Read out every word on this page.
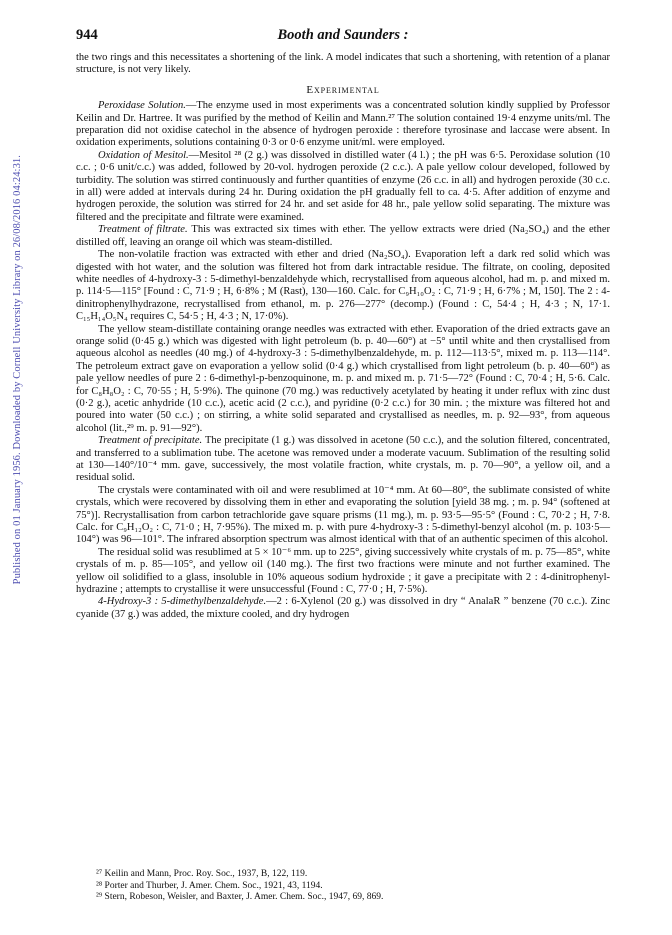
Published on 01 January 1956. Downloaded by Cornell University Library on 26/08/2016 04:24:31.
944	Booth and Saunders :

the two rings and this necessitates a shortening of the link. A model indicates that such a shortening, with retention of a planar structure, is not very likely.

Experimental

Peroxidase Solution.—The enzyme used in most experiments was a concentrated solution kindly supplied by Professor Keilin and Dr. Hartree. It was purified by the method of Keilin and Mann.²⁷ The solution contained 19·4 enzyme units/ml. The preparation did not oxidise catechol in the absence of hydrogen peroxide : therefore tyrosinase and laccase were absent. In oxidation experiments, solutions containing 0·3 or 0·6 enzyme unit/ml. were employed.

Oxidation of Mesitol.—Mesitol ²⁸ (2 g.) was dissolved in distilled water (4 l.) ; the pH was 6·5. Peroxidase solution (10 c.c. ; 0·6 unit/c.c.) was added, followed by 20-vol. hydrogen peroxide (2 c.c.). A pale yellow colour developed, followed by turbidity. The solution was stirred continuously and further quantities of enzyme (26 c.c. in all) and hydrogen peroxide (30 c.c. in all) were added at intervals during 24 hr. During oxidation the pH gradually fell to ca. 4·5. After addition of enzyme and hydrogen peroxide, the solution was stirred for 24 hr. and set aside for 48 hr., pale yellow solid separating. The mixture was filtered and the precipitate and filtrate were examined.

Treatment of filtrate. This was extracted six times with ether. The yellow extracts were dried (Na₂SO₄) and the ether distilled off, leaving an orange oil which was steam-distilled.

The non-volatile fraction was extracted with ether and dried (Na₂SO₄). Evaporation left a dark red solid which was digested with hot water, and the solution was filtered hot from dark intractable residue. The filtrate, on cooling, deposited white needles of 4-hydroxy-3 : 5-dimethyl-benzaldehyde which, recrystallised from aqueous alcohol, had m. p. and mixed m. p. 114·5—115° [Found : C, 71·9 ; H, 6·8% ; M (Rast), 130—160. Calc. for C₉H₁₀O₂ : C, 71·9 ; H, 6·7% ; M, 150]. The 2 : 4-dinitrophenylhydrazone, recrystallised from ethanol, m. p. 276—277° (decomp.) (Found : C, 54·4 ; H, 4·3 ; N, 17·1. C₁₅H₁₄O₅N₄ requires C, 54·5 ; H, 4·3 ; N, 17·0%).

The yellow steam-distillate containing orange needles was extracted with ether. Evaporation of the dried extracts gave an orange solid (0·45 g.) which was digested with light petroleum (b. p. 40—60°) at −5° until white and then crystallised from aqueous alcohol as needles (40 mg.) of 4-hydroxy-3 : 5-dimethylbenzaldehyde, m. p. 112—113·5°, mixed m. p. 113—114°. The petroleum extract gave on evaporation a yellow solid (0·4 g.) which crystallised from light petroleum (b. p. 40—60°) as pale yellow needles of pure 2 : 6-dimethyl-p-benzoquinone, m. p. and mixed m. p. 71·5—72° (Found : C, 70·4 ; H, 5·6. Calc. for C₈H₈O₂ : C, 70·55 ; H, 5·9%). The quinone (70 mg.) was reductively acetylated by heating it under reflux with zinc dust (0·2 g.), acetic anhydride (10 c.c.), acetic acid (2 c.c.), and pyridine (0·2 c.c.) for 30 min. ; the mixture was filtered hot and poured into water (50 c.c.) ; on stirring, a white solid separated and crystallised as needles, m. p. 92—93°, from aqueous alcohol (lit.,²⁹ m. p. 91—92°).

Treatment of precipitate. The precipitate (1 g.) was dissolved in acetone (50 c.c.), and the solution filtered, concentrated, and transferred to a sublimation tube. The acetone was removed under a moderate vacuum. Sublimation of the resulting solid at 130—140°/10⁻⁴ mm. gave, successively, the most volatile fraction, white crystals, m. p. 70—90°, a yellow oil, and a residual solid.

The crystals were contaminated with oil and were resublimed at 10⁻⁴ mm. At 60—80°, the sublimate consisted of white crystals, which were recovered by dissolving them in ether and evaporating the solution [yield 38 mg. ; m. p. 94° (softened at 75°)]. Recrystallisation from carbon tetrachloride gave square prisms (11 mg.), m. p. 93·5—95·5° (Found : C, 70·2 ; H, 7·8. Calc. for C₉H₁₂O₂ : C, 71·0 ; H, 7·95%). The mixed m. p. with pure 4-hydroxy-3 : 5-dimethyl-benzyl alcohol (m. p. 103·5—104°) was 96—101°. The infrared absorption spectrum was almost identical with that of an authentic specimen of this alcohol.

The residual solid was resublimed at 5 × 10⁻⁶ mm. up to 225°, giving successively white crystals of m. p. 75—85°, white crystals of m. p. 85—105°, and yellow oil (140 mg.). The first two fractions were minute and not further examined. The yellow oil solidified to a glass, insoluble in 10% aqueous sodium hydroxide ; it gave a precipitate with 2 : 4-dinitrophenyl-hydrazine ; attempts to crystallise it were unsuccessful (Found : C, 77·0 ; H, 7·5%).

4-Hydroxy-3 : 5-dimethylbenzaldehyde.—2 : 6-Xylenol (20 g.) was dissolved in dry “ AnalaR ” benzene (70 c.c.). Zinc cyanide (37 g.) was added, the mixture cooled, and dry hydrogen

²⁷ Keilin and Mann, Proc. Roy. Soc., 1937, B, 122, 119.

²⁸ Porter and Thurber, J. Amer. Chem. Soc., 1921, 43, 1194.

²⁹ Stern, Robeson, Weisler, and Baxter, J. Amer. Chem. Soc., 1947, 69, 869.
